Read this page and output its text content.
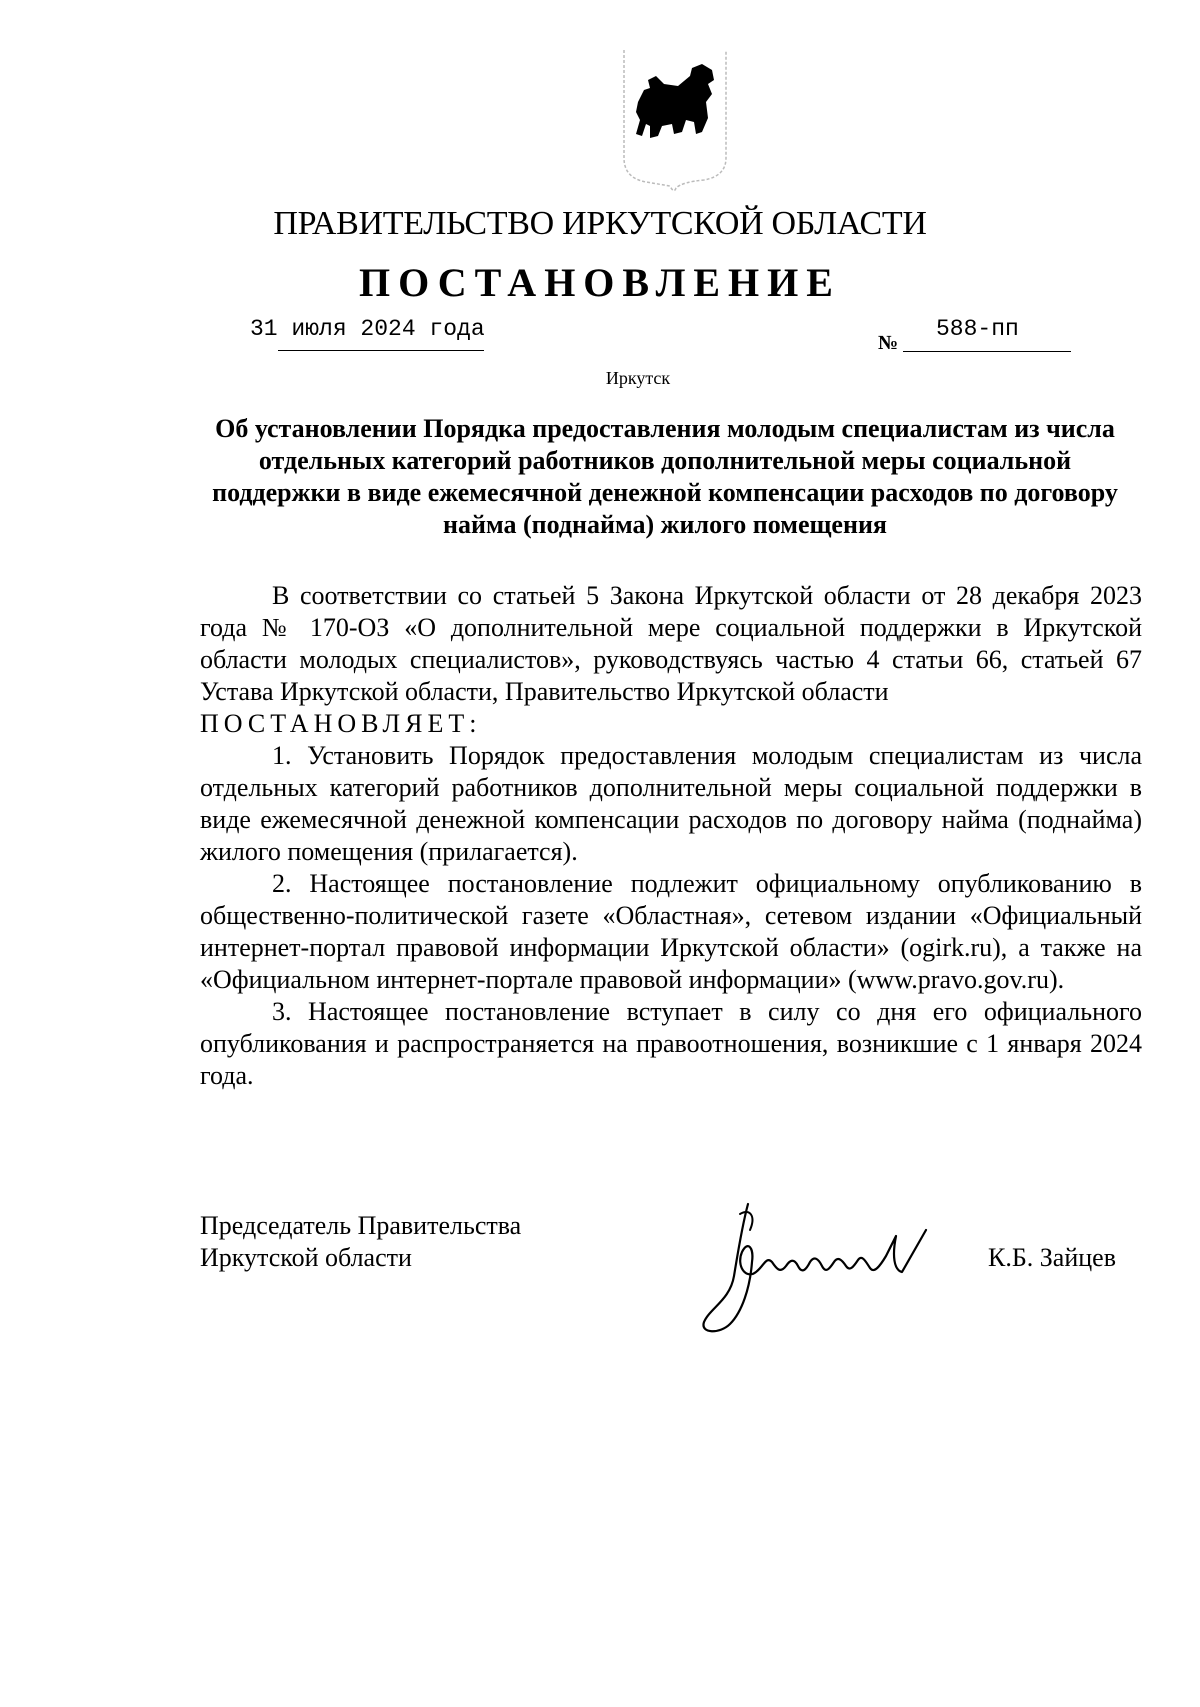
ПРАВИТЕЛЬСТВО ИРКУТСКОЙ ОБЛАСТИ
ПОСТАНОВЛЕНИЕ
31 июля 2024 года
№
588-пп
Иркутск
Об установлении Порядка предоставления молодым специалистам из числа отдельных категорий работников дополнительной меры социальной поддержки в виде ежемесячной денежной компенсации расходов по договору найма (поднайма) жилого помещения

В соответствии со статьей 5 Закона Иркутской области от 28 декабря 2023 года № 170-ОЗ «О дополнительной мере социальной поддержки в Иркутской области молодых специалистов», руководствуясь частью 4 статьи 66, статьей 67 Устава Иркутской области, Правительство Иркутской области

ПОСТАНОВЛЯЕТ:

1. Установить Порядок предоставления молодым специалистам из числа отдельных категорий работников дополнительной меры социальной поддержки в виде ежемесячной денежной компенсации расходов по договору найма (поднайма) жилого помещения (прилагается).

2. Настоящее постановление подлежит официальному опубликованию в общественно-политической газете «Областная», сетевом издании «Официальный интернет-портал правовой информации Иркутской области» (ogirk.ru), а также на «Официальном интернет-портале правовой информации» (www.pravo.gov.ru).

3. Настоящее постановление вступает в силу со дня его официального опубликования и распространяется на правоотношения, возникшие с 1 января 2024 года.

Председатель Правительства
Иркутской области	К.Б. Зайцев
